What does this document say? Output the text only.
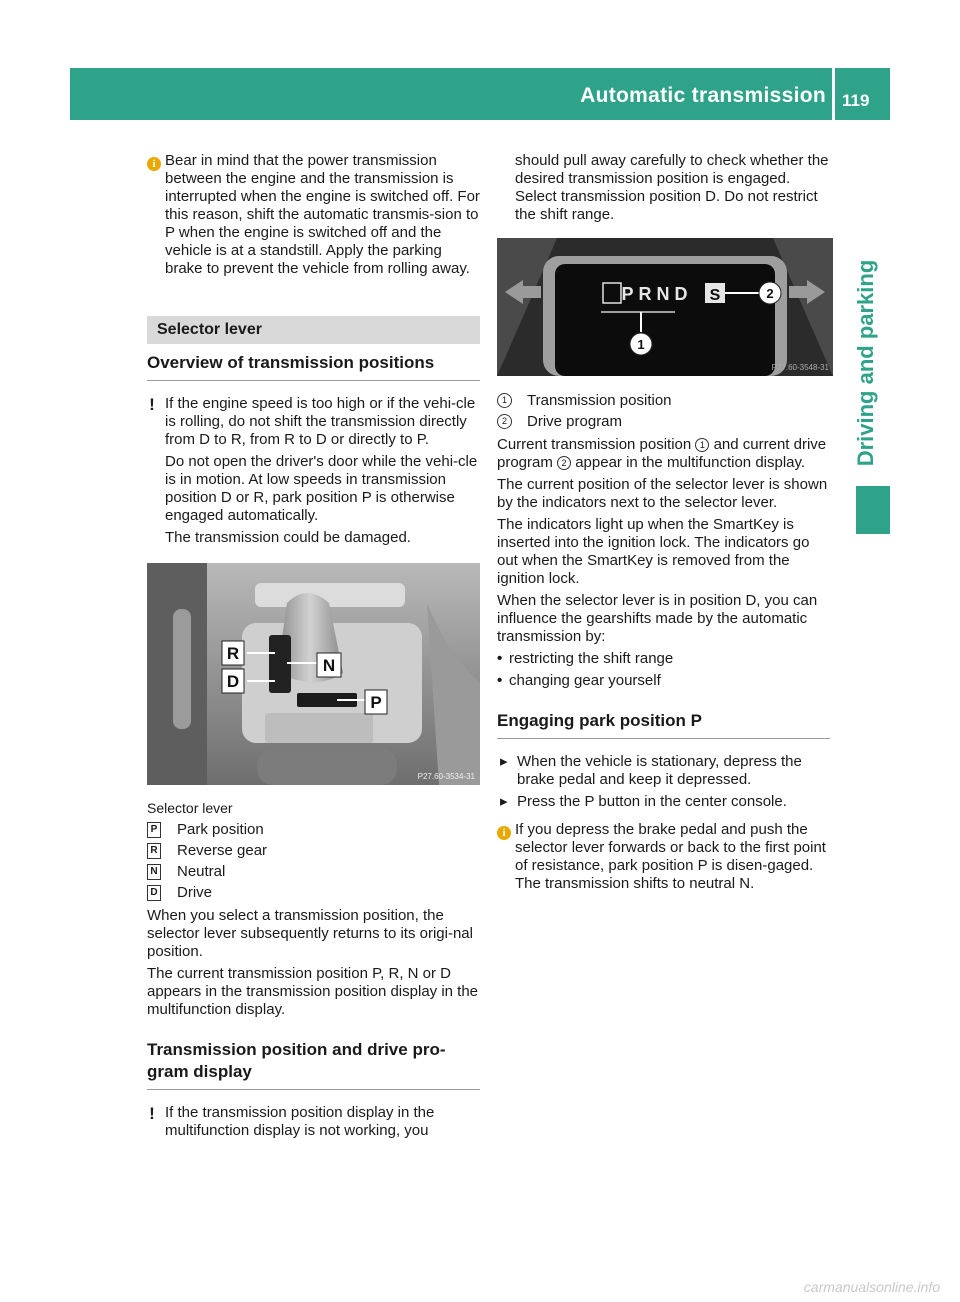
Automatic transmission 119
Driving and parking
i Bear in mind that the power transmission between the engine and the transmission is interrupted when the engine is switched off. For this reason, shift the automatic transmis-sion to P when the engine is switched off and the vehicle is at a standstill. Apply the parking brake to prevent the vehicle from rolling away.

Selector lever
Overview of transmission positions
! If the engine speed is too high or if the vehi-cle is rolling, do not shift the transmission directly from D to R, from R to D or directly to P.

Do not open the driver's door while the vehi-cle is in motion. At low speeds in transmission position D or R, park position P is otherwise engaged automatically.

The transmission could be damaged.

R
D
N
P
P27.60-3534-31
Selector lever
P Park position
R Reverse gear
N Neutral
D Drive

When you select a transmission position, the selector lever subsequently returns to its origi-nal position.

The current transmission position P, R, N or D appears in the transmission position display in the multifunction display.

Transmission position and drive pro-gram display
! If the transmission position display in the multifunction display is not working, you

should pull away carefully to check whether the desired transmission position is engaged. Select transmission position D. Do not restrict the shift range.

PRND S	2
1
P27.60-3548-31
1	Transmission position
2	Drive program

Current transmission position 1 and current drive program 2 appear in the multifunction display.

The current position of the selector lever is shown by the indicators next to the selector lever.

The indicators light up when the SmartKey is inserted into the ignition lock. The indicators go out when the SmartKey is removed from the ignition lock.

When the selector lever is in position D, you can influence the gearshifts made by the automatic transmission by:

• restricting the shift range
• changing gear yourself
Engaging park position P
▸ When the vehicle is stationary, depress the brake pedal and keep it depressed.
▸ Press the P button in the center console.
i If you depress the brake pedal and push the selector lever forwards or back to the first point of resistance, park position P is disen-gaged. The transmission shifts to neutral N.

carmanualsonline.info
